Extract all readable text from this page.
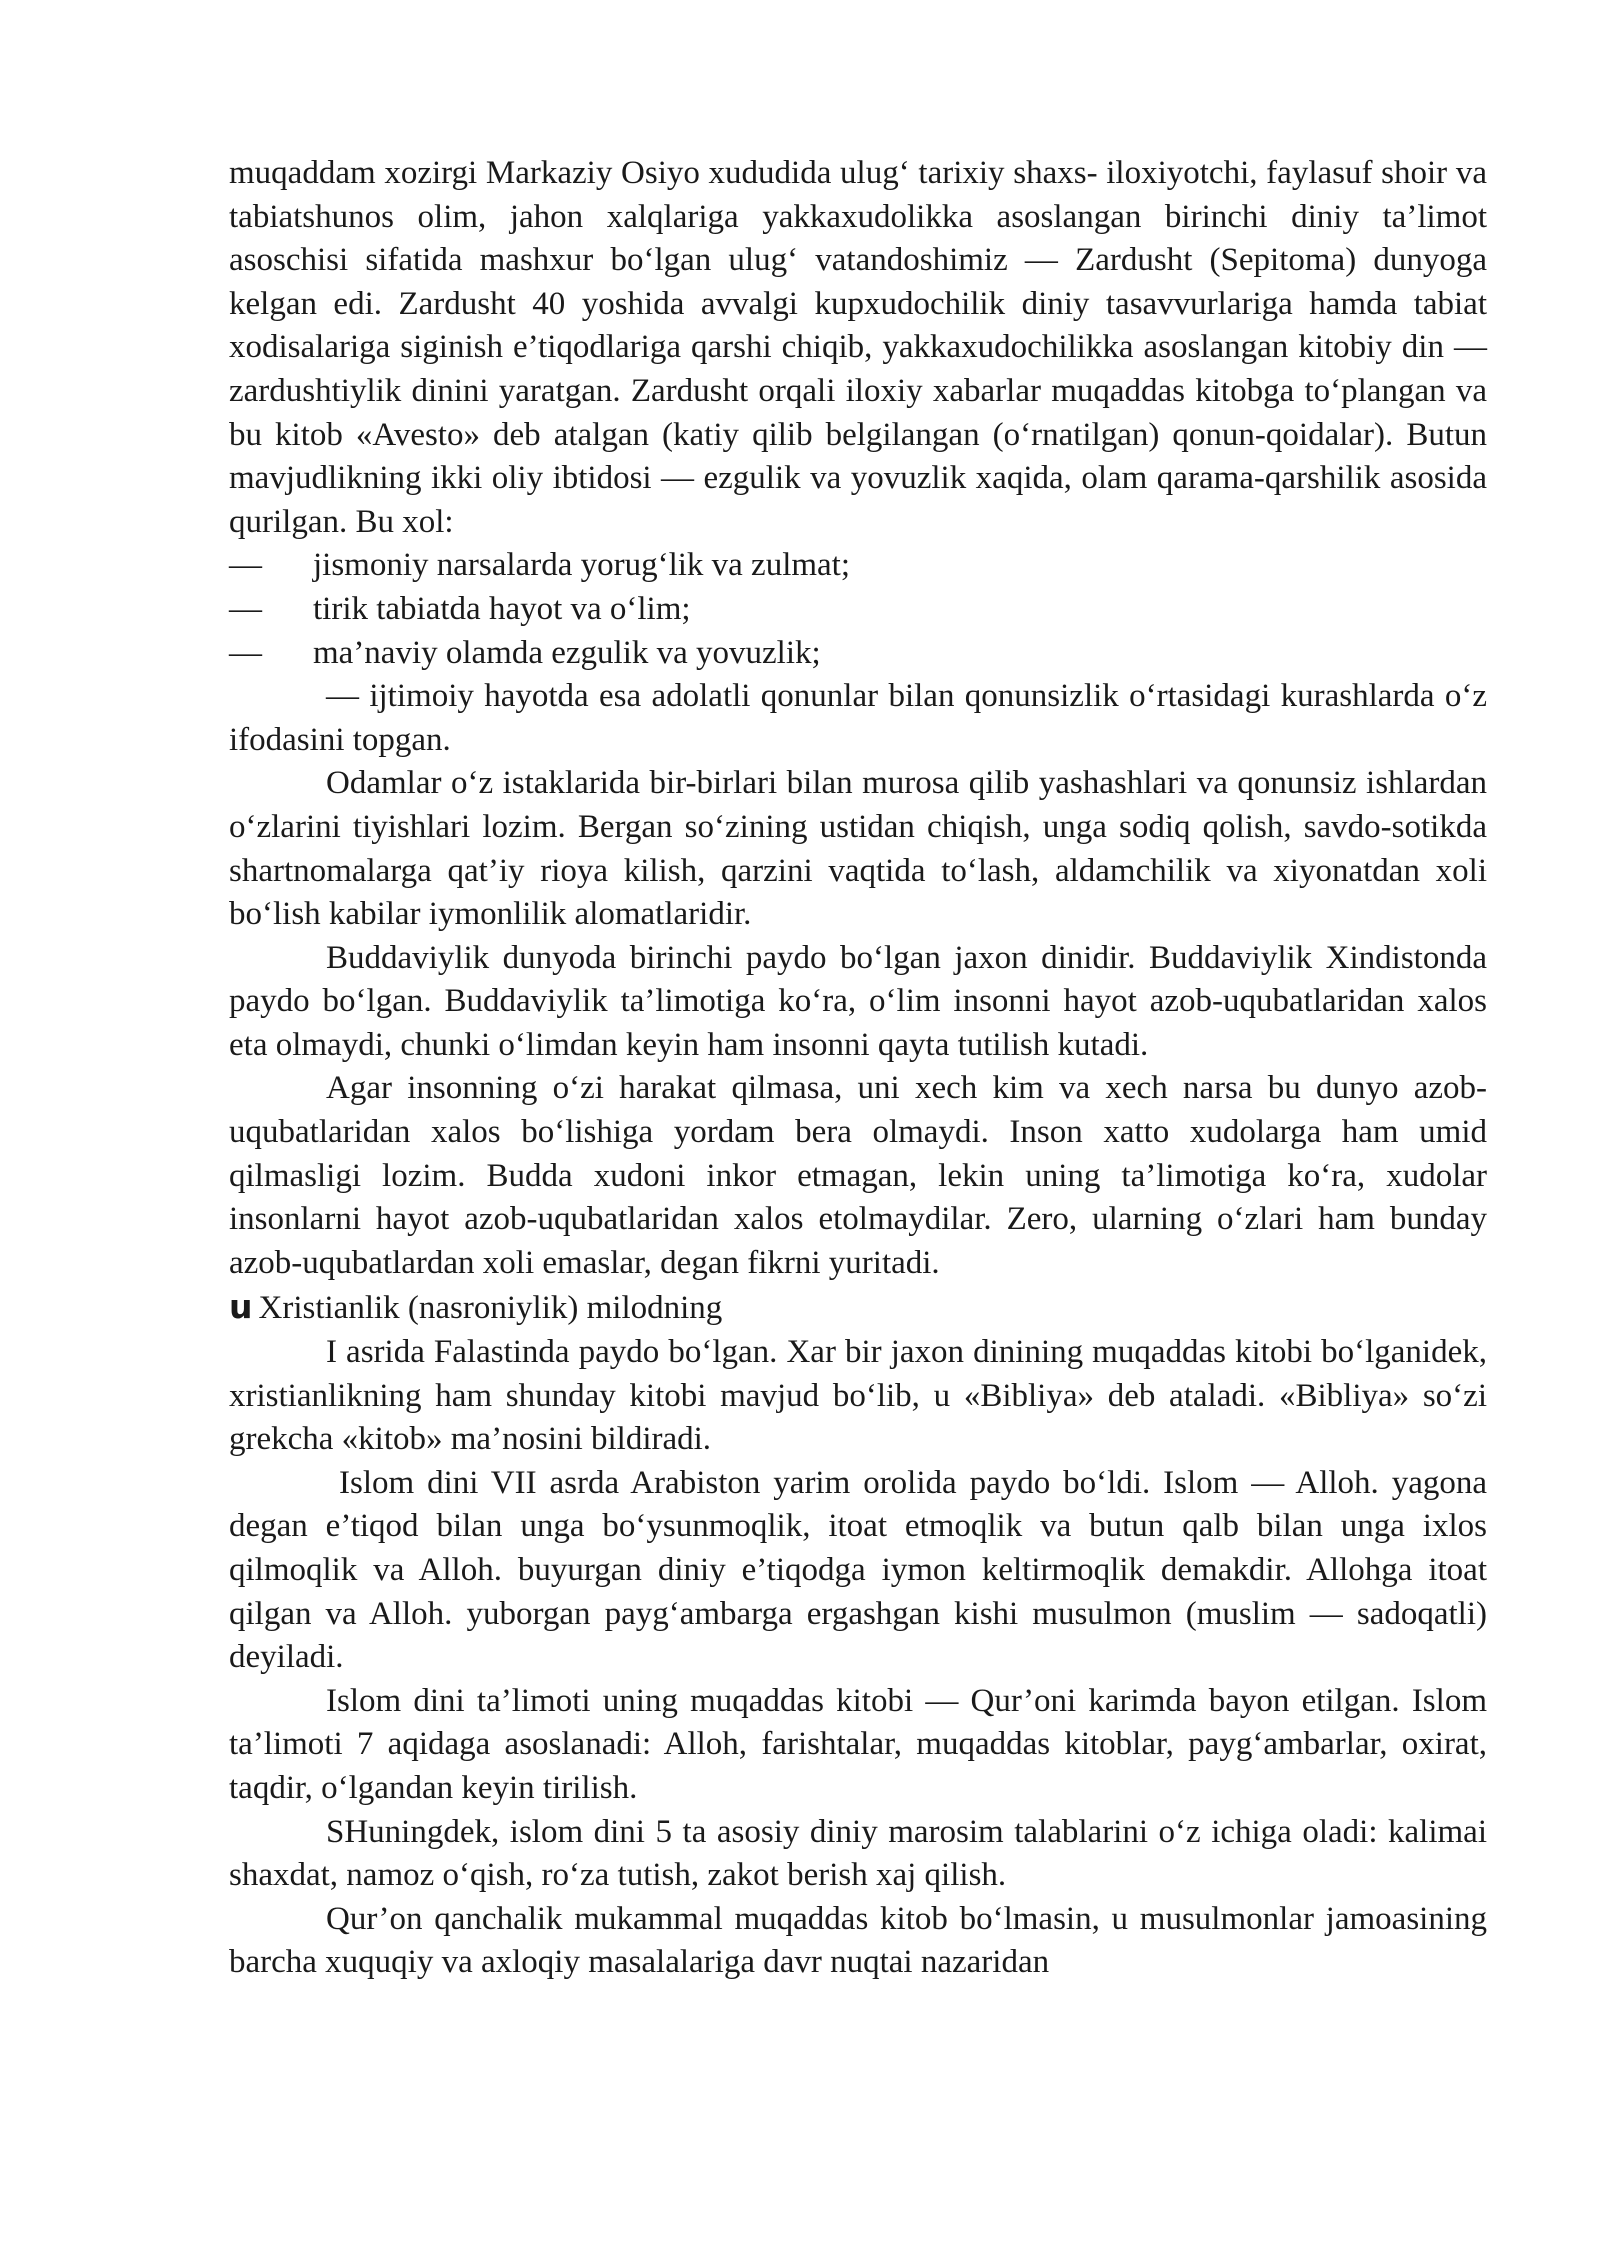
muqaddam xozirgi Markaziy Osiyo xududida ulug‘ tarixiy shaxs- iloxiyotchi, faylasuf shoir va tabiatshunos olim, jahon xalqlariga yakkaxudolikka asoslangan birinchi diniy ta’limot asoschisi sifatida mashxur bo‘lgan ulug‘ vatandoshimiz — Zardusht (Sepitoma) dunyoga kelgan edi. Zardusht 40 yoshida avvalgi kupxudochilik diniy tasavvurlariga hamda tabiat xodisalariga siginish e’tiqodlariga qarshi chiqib, yakkaxudochilikka asoslangan kitobiy din — zardushtiylik dinini yaratgan. Zardusht orqali iloxiy xabarlar muqaddas kitobga to‘plangan va bu kitob «Avesto» deb atalgan (katiy qilib belgilangan (o‘rnatilgan) qonun-qoidalar). Butun mavjudlikning ikki oliy ibtidosi — ezgulik va yovuzlik xaqida, olam qarama-qarshilik asosida qurilgan. Bu xol:

—	jismoniy narsalarda yorug‘lik va zulmat;
—	tirik tabiatda hayot va o‘lim;
—	ma’naviy olamda ezgulik va yovuzlik;

— ijtimoiy hayotda esa adolatli qonunlar bilan qonunsizlik o‘rtasidagi kurashlarda o‘z ifodasini topgan.

Odamlar o‘z istaklarida bir-birlari bilan murosa qilib yashashlari va qonunsiz ishlardan o‘zlarini tiyishlari lozim. Bergan so‘zining ustidan chiqish, unga sodiq qolish, savdo-sotikda shartnomalarga qat’iy rioya kilish, qarzini vaqtida to‘lash, aldamchilik va xiyonatdan xoli bo‘lish kabilar iymonlilik alomatlaridir.

Buddaviylik dunyoda birinchi paydo bo‘lgan jaxon dinidir. Buddaviylik Xindistonda paydo bo‘lgan. Buddaviylik ta’limotiga ko‘ra, o‘lim insonni hayot azob-uqubatlaridan xalos eta olmaydi, chunki o‘limdan keyin ham insonni qayta tutilish kutadi.

Agar insonning o‘zi harakat qilmasa, uni xech kim va xech narsa bu dunyo azob-uqubatlaridan xalos bo‘lishiga yordam bera olmaydi. Inson xatto xudolarga ham umid qilmasligi lozim. Budda xudoni inkor etmagan, lekin uning ta’limotiga ko‘ra, xudolar insonlarni hayot azob-uqubatlaridan xalos etolmaydilar. Zero, ularning o‘zlari ham bunday azob-uqubatlardan xoli emaslar, degan fikrni yuritadi.

u Xristianlik (nasroniylik) milodning

I asrida Falastinda paydo bo‘lgan. Xar bir jaxon dinining muqaddas kitobi bo‘lganidek, xristianlikning ham shunday kitobi mavjud bo‘lib, u «Bibliya» deb ataladi. «Bibliya» so‘zi grekcha «kitob» ma’nosini bildiradi.

Islom dini VII asrda Arabiston yarim orolida paydo bo‘ldi. Islom — Alloh. yagona degan e’tiqod bilan unga bo‘ysunmoqlik, itoat etmoqlik va butun qalb bilan unga ixlos qilmoqlik va Alloh. buyurgan diniy e’tiqodga iymon keltirmoqlik demakdir. Allohga itoat qilgan va Alloh. yuborgan payg‘ambarga ergashgan kishi musulmon (muslim — sadoqatli) deyiladi.

Islom dini ta’limoti uning muqaddas kitobi — Qur’oni karimda bayon etilgan. Islom ta’limoti 7 aqidaga asoslanadi: Alloh, farishtalar, muqaddas kitoblar, payg‘ambarlar, oxirat, taqdir, o‘lgandan keyin tirilish.

SHuningdek, islom dini 5 ta asosiy diniy marosim talablarini o‘z ichiga oladi: kalimai shaxdat, namoz o‘qish, ro‘za tutish, zakot berish xaj qilish.

Qur’on qanchalik mukammal muqaddas kitob bo‘lmasin, u musulmonlar jamoasining barcha xuquqiy va axloqiy masalalariga davr nuqtai nazaridan
